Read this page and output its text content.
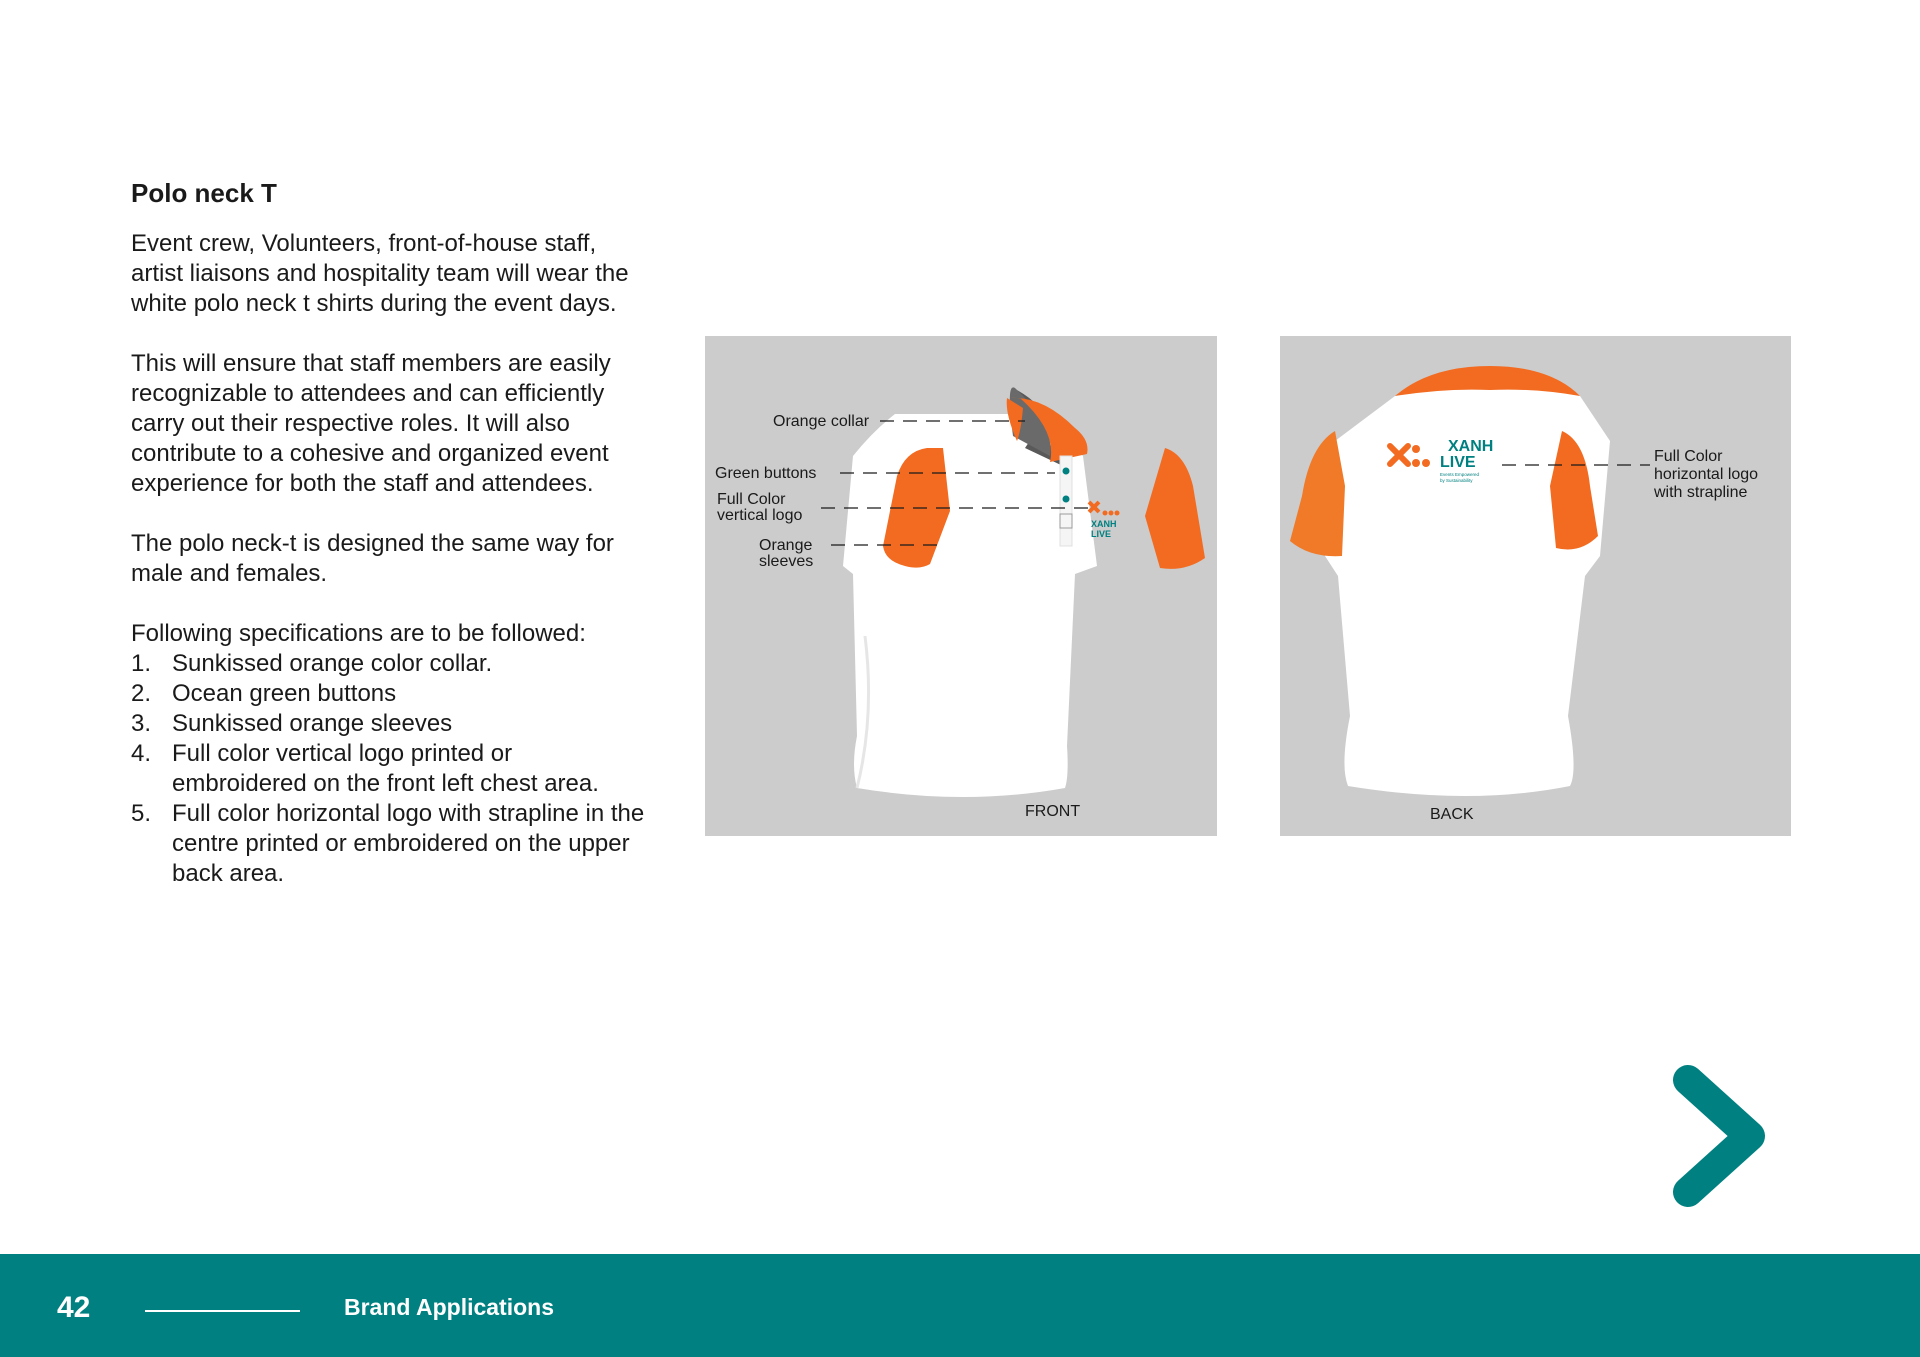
Polo neck T

Event crew, Volunteers, front-of-house staff, artist liaisons and hospitality team will wear the white polo neck t shirts during the event days.

This will ensure that staff members are easily recognizable to attendees and can efficiently carry out their respective roles. It will also contribute to a cohesive and organized event experience for both the staff and attendees.

The polo neck-t is designed the same way for male and females.

Following specifications are to be followed:

1. Sunkissed orange color collar.
2. Ocean green buttons
3. Sunkissed orange sleeves
4. Full color vertical logo printed or embroidered on the front left chest area.
5. Full color horizontal logo with strapline in the centre printed or embroidered on the upper back area.
XANH
LIVE
Orange collar
Green buttons
Full Color
vertical logo
Orange
sleeves
FRONT
XANH
LIVE
Events Empowered
by Sustainability
Full Color
horizontal logo
with strapline
BACK
42	Brand Applications
